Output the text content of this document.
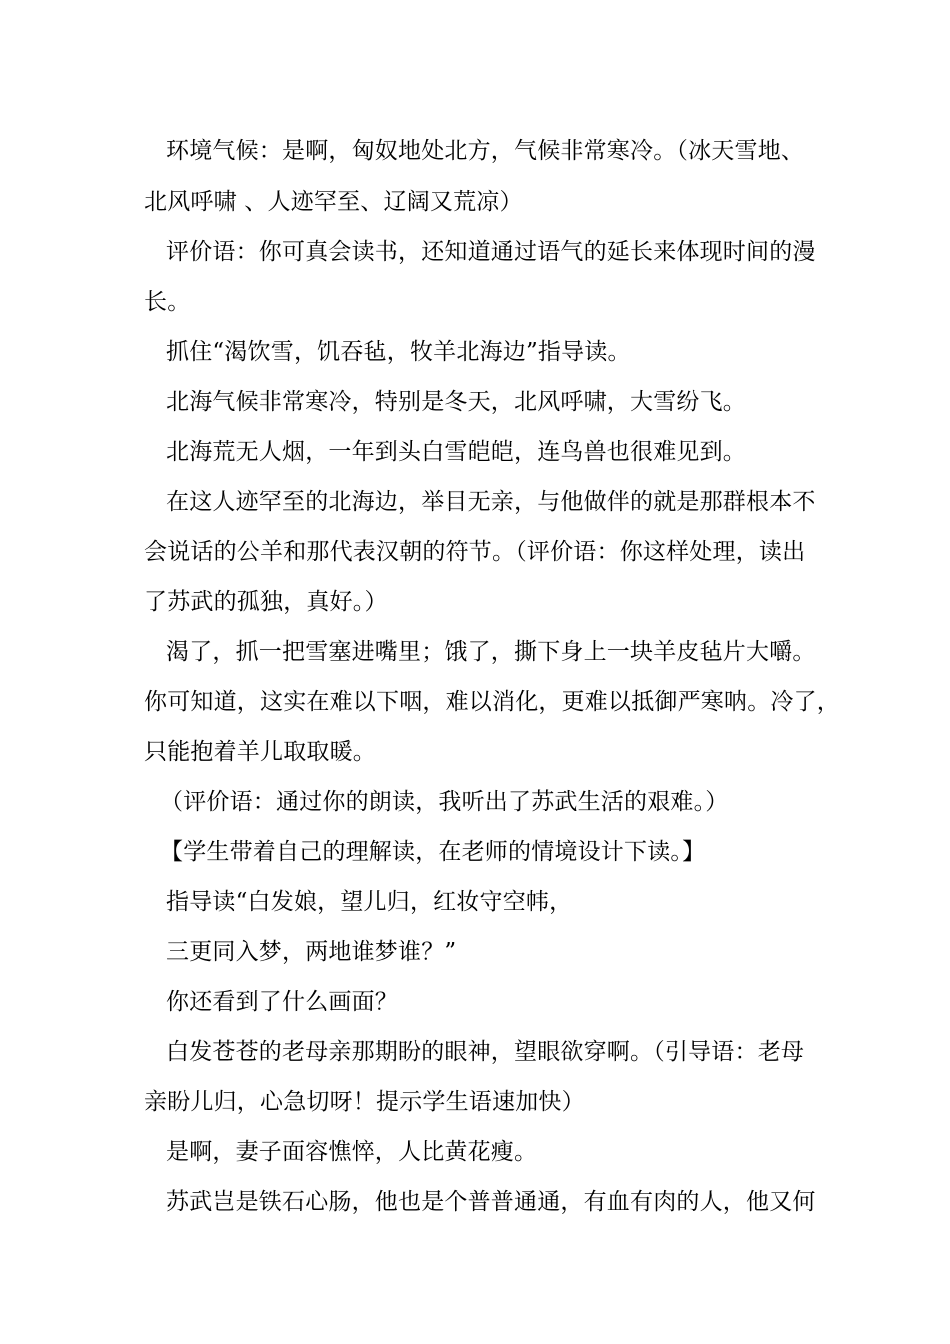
环境气候：是啊，匈奴地处北方，气候非常寒冷。（冰天雪地、
北风呼啸 、人迹罕至、辽阔又荒凉）
评价语：你可真会读书，还知道通过语气的延长来体现时间的漫
长。
抓住“渴饮雪，饥吞毡，牧羊北海边”指导读。
北海气候非常寒冷，特别是冬天，北风呼啸，大雪纷飞。
北海荒无人烟，一年到头白雪皑皑，连鸟兽也很难见到。
在这人迹罕至的北海边，举目无亲，与他做伴的就是那群根本不
会说话的公羊和那代表汉朝的符节。（评价语：你这样处理，读出
了苏武的孤独，真好。）
渴了，抓一把雪塞进嘴里；饿了，撕下身上一块羊皮毡片大嚼。
你可知道，这实在难以下咽，难以消化，更难以抵御严寒呐。冷了，
只能抱着羊儿取取暖。
（评价语：通过你的朗读，我听出了苏武生活的艰难。）
【学生带着自己的理解读，在老师的情境设计下读。】
指导读“白发娘，望儿归，红妆守空帏，
三更同入梦，两地谁梦谁？”
你还看到了什么画面？
白发苍苍的老母亲那期盼的眼神，望眼欲穿啊。（引导语：老母
亲盼儿归，心急切呀！提示学生语速加快）
是啊，妻子面容憔悴，人比黄花瘦。
苏武岂是铁石心肠，他也是个普普通通，有血有肉的人，他又何
